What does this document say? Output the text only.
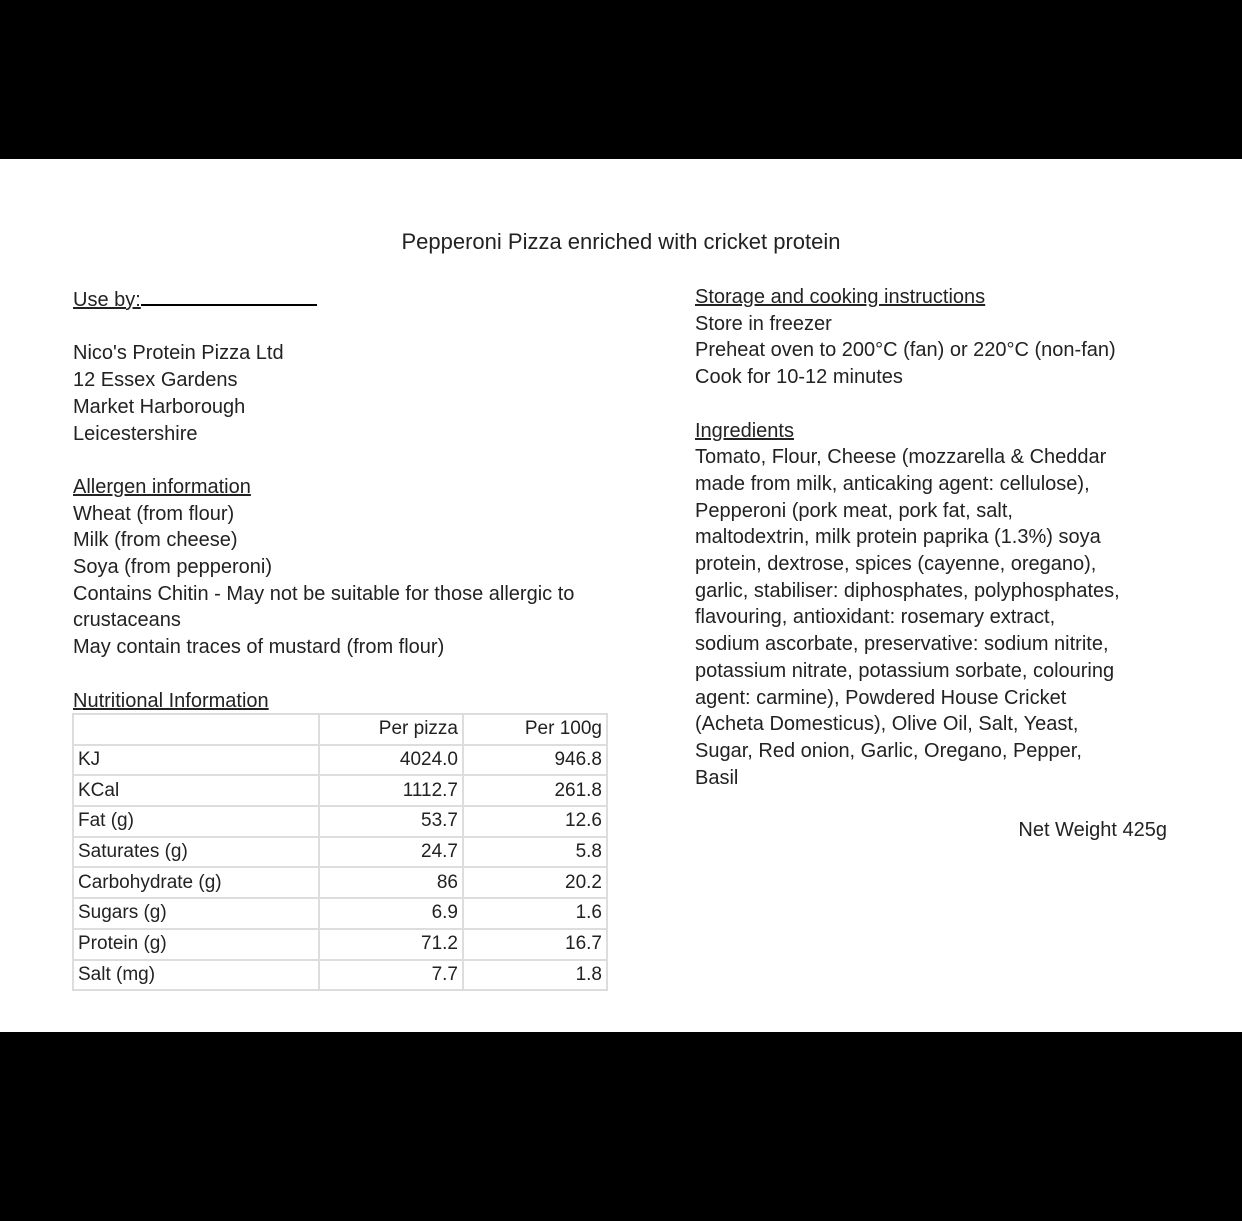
Pepperoni Pizza enriched with cricket protein
Use by:
Nico's Protein Pizza Ltd
12 Essex Gardens
Market Harborough
Leicestershire
Allergen information
Wheat (from flour)
Milk (from cheese)
Soya (from pepperoni)
Contains Chitin - May not be suitable for those allergic to
crustaceans
May contain traces of mustard (from flour)
Nutritional Information
	Per pizza	Per 100g
KJ	4024.0	946.8
KCal	1112.7	261.8
Fat (g)	53.7	12.6
Saturates (g)	24.7	5.8
Carbohydrate (g)	86	20.2
Sugars (g)	6.9	1.6
Protein (g)	71.2	16.7
Salt (mg)	7.7	1.8
Storage and cooking instructions
Store in freezer
Preheat oven to 200°C (fan) or 220°C (non-fan)
Cook for 10-12 minutes
Ingredients
Tomato, Flour, Cheese (mozzarella & Cheddar
made from milk, anticaking agent: cellulose),
Pepperoni (pork meat, pork fat, salt,
maltodextrin, milk protein paprika (1.3%) soya
protein, dextrose, spices (cayenne, oregano),
garlic, stabiliser: diphosphates, polyphosphates,
flavouring, antioxidant: rosemary extract,
sodium ascorbate, preservative: sodium nitrite,
potassium nitrate, potassium sorbate, colouring
agent: carmine), Powdered House Cricket
(Acheta Domesticus), Olive Oil, Salt, Yeast,
Sugar, Red onion, Garlic, Oregano, Pepper,
Basil
Net Weight 425g
